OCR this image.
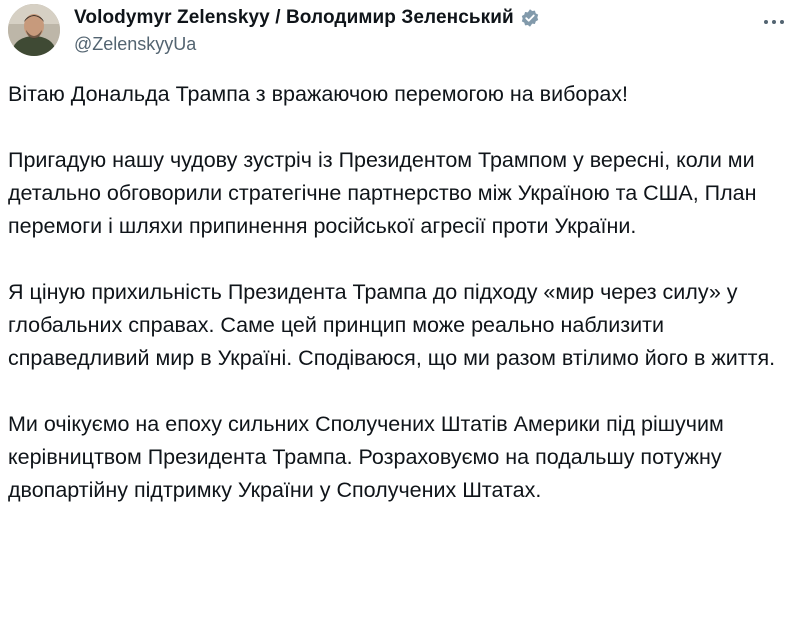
Volodymyr Zelenskyy / Володимир Зеленський
@ZelenskyyUa

Вітаю Дональда Трампа з вражаючою перемогою на виборах!

Пригадую нашу чудову зустріч із Президентом Трампом у вересні, коли ми детально обговорили стратегічне партнерство між Україною та США, План перемоги і шляхи припинення російської агресії проти України.

Я ціную прихильність Президента Трампа до підходу «мир через силу» у глобальних справах. Саме цей принцип може реально наблизити справедливий мир в Україні. Сподіваюся, що ми разом втілимо його в життя.

Ми очікуємо на епоху сильних Сполучених Штатів Америки під рішучим керівництвом Президента Трампа. Розраховуємо на подальшу потужну двопартійну підтримку України у Сполучених Штатах.
